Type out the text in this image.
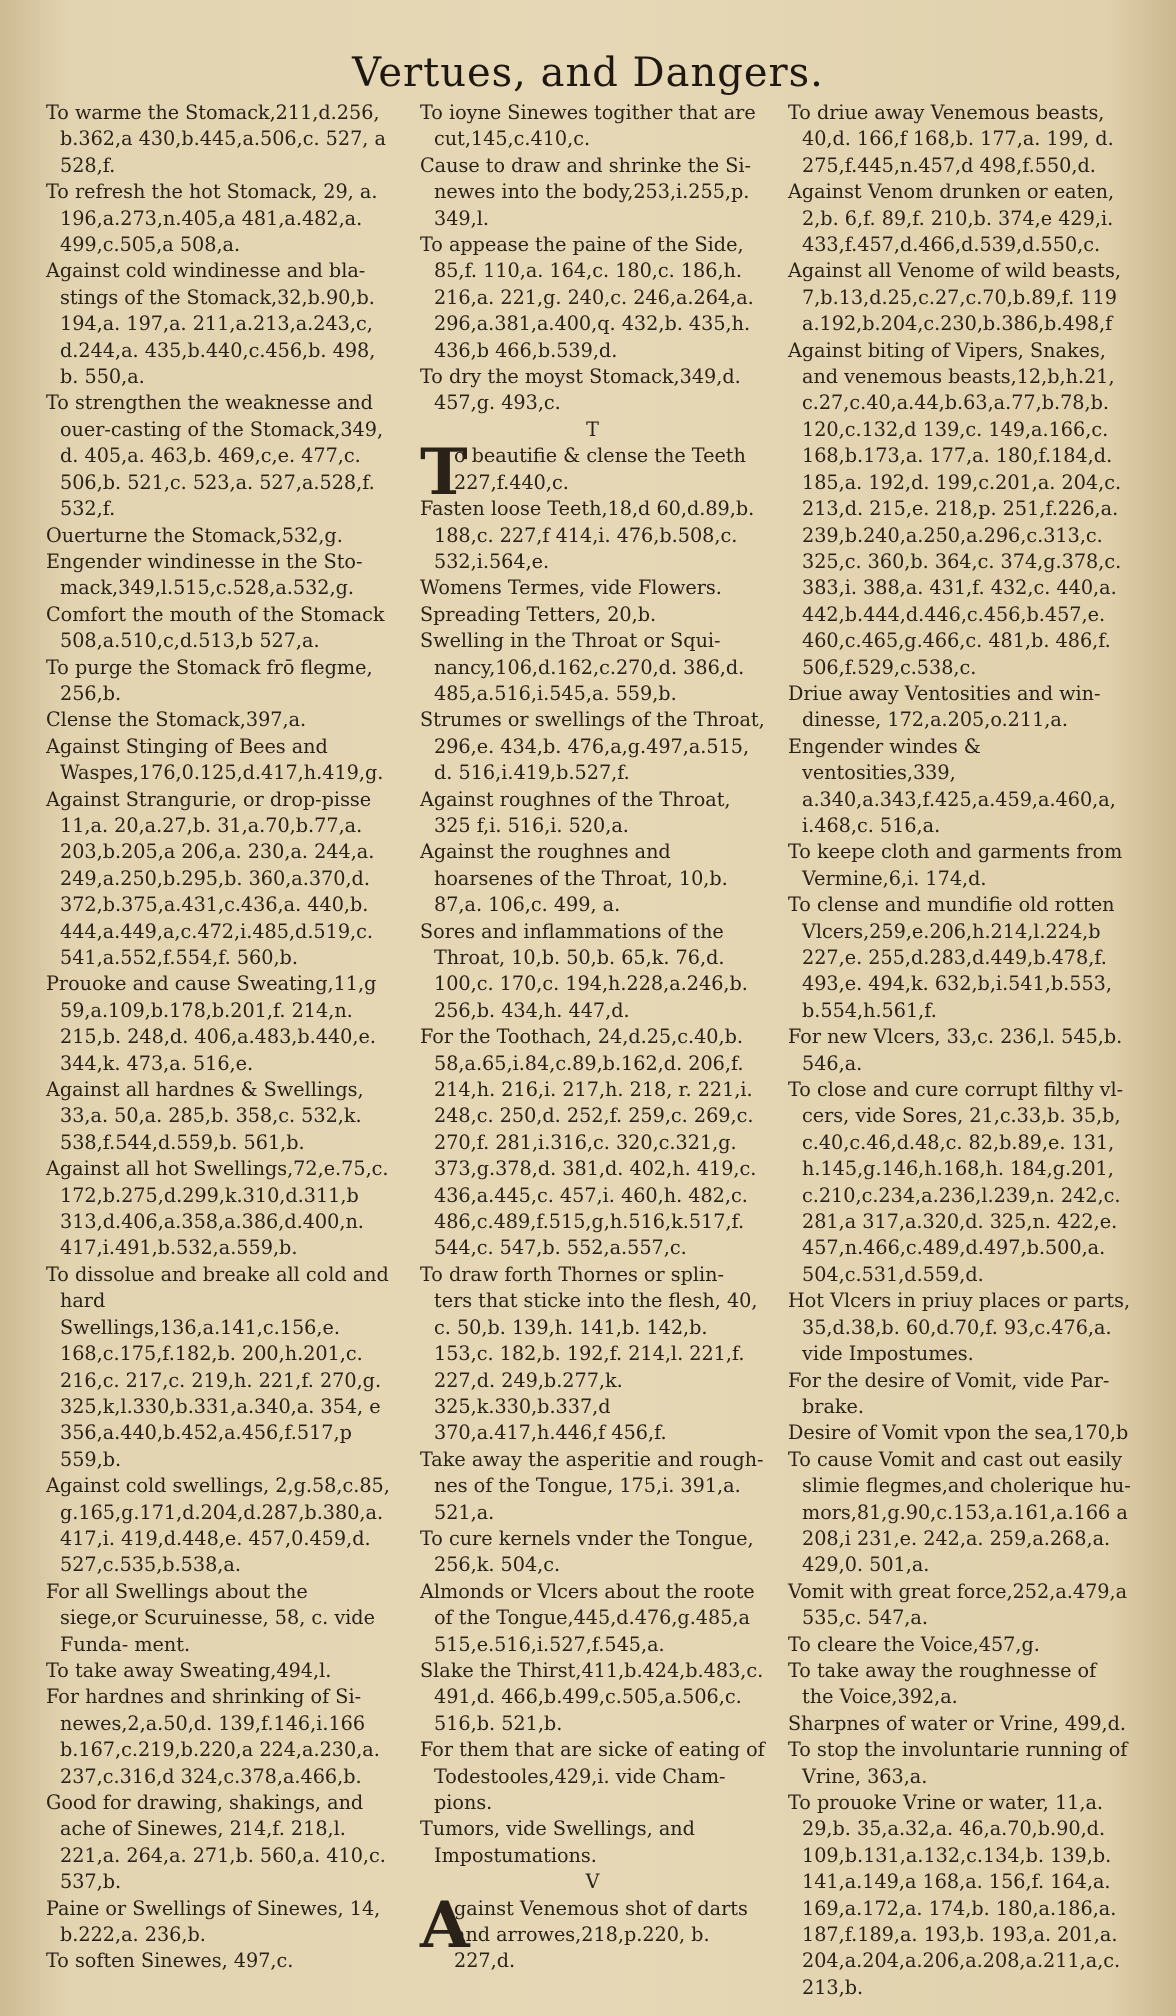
Vertues, and Dangers.
To warme the Stomack,211,d.256, b.362,a 430,b.445,a.506,c. 527, a 528,f.
To refresh the hot Stomack, 29, a. 196,a.273,n.405,a 481,a.482,a. 499,c.505,a 508,a.
Against cold windinesse and bla- stings of the Stomack,32,b.90,b. 194,a. 197,a. 211,a.213,a.243,c, d.244,a. 435,b.440,c.456,b. 498, b. 550,a.
To strengthen the weaknesse and ouer-casting of the Stomack,349, d. 405,a. 463,b. 469,c,e. 477,c. 506,b. 521,c. 523,a. 527,a.528,f. 532,f.
Ouerturne the Stomack,532,g.
Engender windinesse in the Sto- mack,349,l.515,c.528,a.532,g.
Comfort the mouth of the Stomack 508,a.510,c,d.513,b 527,a.
To purge the Stomack frō flegme, 256,b.
Clense the Stomack,397,a.
Against Stinging of Bees and Waspes,176,0.125,d.417,h.419,g.
Against Strangurie, or drop-pisse 11,a. 20,a.27,b. 31,a.70,b.77,a. 203,b.205,a 206,a. 230,a. 244,a. 249,a.250,b.295,b. 360,a.370,d. 372,b.375,a.431,c.436,a. 440,b. 444,a.449,a,c.472,i.485,d.519,c. 541,a.552,f.554,f. 560,b.
Prouoke and cause Sweating,11,g 59,a.109,b.178,b.201,f. 214,n. 215,b. 248,d. 406,a.483,b.440,e. 344,k. 473,a. 516,e.
Against all hardnes & Swellings, 33,a. 50,a. 285,b. 358,c. 532,k. 538,f.544,d.559,b. 561,b.
Against all hot Swellings,72,e.75,c. 172,b.275,d.299,k.310,d.311,b 313,d.406,a.358,a.386,d.400,n. 417,i.491,b.532,a.559,b.
To dissolue and breake all cold and hard Swellings,136,a.141,c.156,e. 168,c.175,f.182,b. 200,h.201,c. 216,c. 217,c. 219,h. 221,f. 270,g. 325,k,l.330,b.331,a.340,a. 354, e 356,a.440,b.452,a.456,f.517,p 559,b.
Against cold swellings, 2,g.58,c.85, g.165,g.171,d.204,d.287,b.380,a. 417,i. 419,d.448,e. 457,0.459,d. 527,c.535,b.538,a.
For all Swellings about the siege,or Scuruinesse, 58, c. vide Funda- ment.
To take away Sweating,494,l.
For hardnes and shrinking of Si- newes,2,a.50,d. 139,f.146,i.166 b.167,c.219,b.220,a 224,a.230,a. 237,c.316,d 324,c.378,a.466,b.
Good for drawing, shakings, and ache of Sinewes, 214,f. 218,l. 221,a. 264,a. 271,b. 560,a. 410,c. 537,b.
Paine or Swellings of Sinewes, 14, b.222,a. 236,b.
To soften Sinewes, 497,c.
To ioyne Sinewes togither that are cut,145,c.410,c.
Cause to draw and shrinke the Si- newes into the body,253,i.255,p. 349,l.
To appease the paine of the Side, 85,f. 110,a. 164,c. 180,c. 186,h. 216,a. 221,g. 240,c. 246,a.264,a. 296,a.381,a.400,q. 432,b. 435,h. 436,b 466,b.539,d.
To dry the moyst Stomack,349,d. 457,g. 493,c.
T
T
o beautifie & clense the Teeth 227,f.440,c.
Fasten loose Teeth,18,d 60,d.89,b. 188,c. 227,f 414,i. 476,b.508,c. 532,i.564,e.
Womens Termes, vide Flowers.
Spreading Tetters, 20,b.
Swelling in the Throat or Squi- nancy,106,d.162,c.270,d. 386,d. 485,a.516,i.545,a. 559,b.
Strumes or swellings of the Throat, 296,e. 434,b. 476,a,g.497,a.515, d. 516,i.419,b.527,f.
Against roughnes of the Throat, 325 f,i. 516,i. 520,a.
Against the roughnes and hoarsenes of the Throat, 10,b. 87,a. 106,c. 499, a.
Sores and inflammations of the Throat, 10,b. 50,b. 65,k. 76,d. 100,c. 170,c. 194,h.228,a.246,b. 256,b. 434,h. 447,d.
For the Toothach, 24,d.25,c.40,b. 58,a.65,i.84,c.89,b.162,d. 206,f. 214,h. 216,i. 217,h. 218, r. 221,i. 248,c. 250,d. 252,f. 259,c. 269,c. 270,f. 281,i.316,c. 320,c.321,g. 373,g.378,d. 381,d. 402,h. 419,c. 436,a.445,c. 457,i. 460,h. 482,c. 486,c.489,f.515,g,h.516,k.517,f. 544,c. 547,b. 552,a.557,c.
To draw forth Thornes or splin- ters that sticke into the flesh, 40, c. 50,b. 139,h. 141,b. 142,b. 153,c. 182,b. 192,f. 214,l. 221,f. 227,d. 249,b.277,k. 325,k.330,b.337,d 370,a.417,h.446,f 456,f.
Take away the asperitie and rough- nes of the Tongue, 175,i. 391,a. 521,a.
To cure kernels vnder the Tongue, 256,k. 504,c.
Almonds or Vlcers about the roote of the Tongue,445,d.476,g.485,a 515,e.516,i.527,f.545,a.
Slake the Thirst,411,b.424,b.483,c. 491,d. 466,b.499,c.505,a.506,c. 516,b. 521,b.
For them that are sicke of eating of Todestooles,429,i. vide Cham- pions.
Tumors, vide Swellings, and Impostumations.
V
A
gainst Venemous shot of darts and arrowes,218,p.220, b. 227,d.
To driue away Venemous beasts, 40,d. 166,f 168,b. 177,a. 199, d. 275,f.445,n.457,d 498,f.550,d.
Against Venom drunken or eaten, 2,b. 6,f. 89,f. 210,b. 374,e 429,i. 433,f.457,d.466,d.539,d.550,c.
Against all Venome of wild beasts, 7,b.13,d.25,c.27,c.70,b.89,f. 119 a.192,b.204,c.230,b.386,b.498,f
Against biting of Vipers, Snakes, and venemous beasts,12,b,h.21, c.27,c.40,a.44,b.63,a.77,b.78,b. 120,c.132,d 139,c. 149,a.166,c. 168,b.173,a. 177,a. 180,f.184,d. 185,a. 192,d. 199,c.201,a. 204,c. 213,d. 215,e. 218,p. 251,f.226,a. 239,b.240,a.250,a.296,c.313,c. 325,c. 360,b. 364,c. 374,g.378,c. 383,i. 388,a. 431,f. 432,c. 440,a. 442,b.444,d.446,c.456,b.457,e. 460,c.465,g.466,c. 481,b. 486,f. 506,f.529,c.538,c.
Driue away Ventosities and win- dinesse, 172,a.205,o.211,a.
Engender windes & ventosities,339, a.340,a.343,f.425,a.459,a.460,a, i.468,c. 516,a.
To keepe cloth and garments from Vermine,6,i. 174,d.
To clense and mundifie old rotten Vlcers,259,e.206,h.214,l.224,b 227,e. 255,d.283,d.449,b.478,f. 493,e. 494,k. 632,b,i.541,b.553, b.554,h.561,f.
For new Vlcers, 33,c. 236,l. 545,b. 546,a.
To close and cure corrupt filthy vl- cers, vide Sores, 21,c.33,b. 35,b, c.40,c.46,d.48,c. 82,b.89,e. 131, h.145,g.146,h.168,h. 184,g.201, c.210,c.234,a.236,l.239,n. 242,c. 281,a 317,a.320,d. 325,n. 422,e. 457,n.466,c.489,d.497,b.500,a. 504,c.531,d.559,d.
Hot Vlcers in priuy places or parts, 35,d.38,b. 60,d.70,f. 93,c.476,a. vide Impostumes.
For the desire of Vomit, vide Par- brake.
Desire of Vomit vpon the sea,170,b
To cause Vomit and cast out easily slimie flegmes,and cholerique hu- mors,81,g.90,c.153,a.161,a.166 a 208,i 231,e. 242,a. 259,a.268,a. 429,0. 501,a.
Vomit with great force,252,a.479,a 535,c. 547,a.
To cleare the Voice,457,g.
To take away the roughnesse of the Voice,392,a.
Sharpnes of water or Vrine, 499,d.
To stop the involuntarie running of Vrine, 363,a.
To prouoke Vrine or water, 11,a. 29,b. 35,a.32,a. 46,a.70,b.90,d. 109,b.131,a.132,c.134,b. 139,b. 141,a.149,a 168,a. 156,f. 164,a. 169,a.172,a. 174,b. 180,a.186,a. 187,f.189,a. 193,b. 193,a. 201,a. 204,a.204,a.206,a.208,a.211,a,c. 213,b.
